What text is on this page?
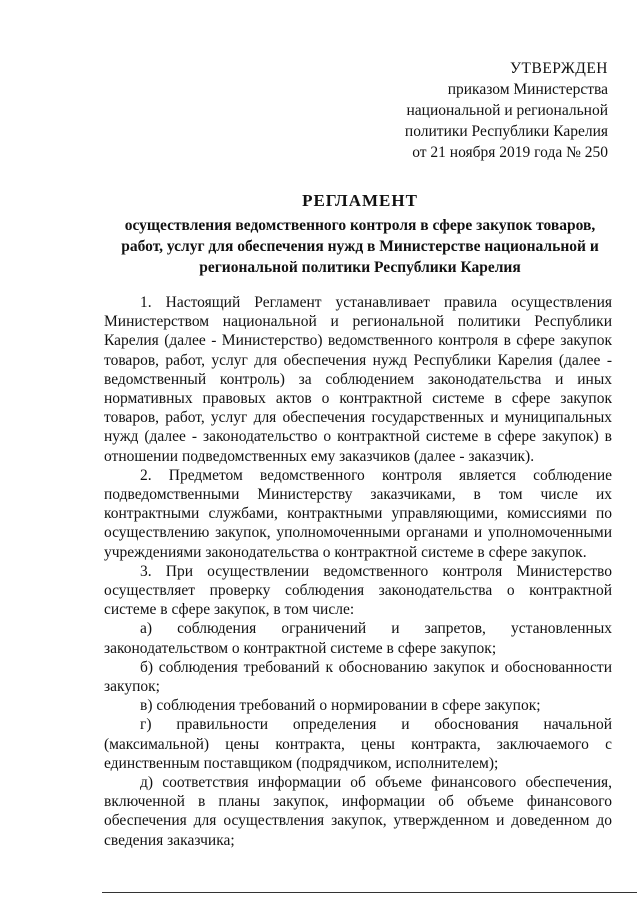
УТВЕРЖДЕН
приказом Министерства
национальной и региональной
политики Республики Карелия
от 21 ноября 2019 года № 250
РЕГЛАМЕНТ
осуществления ведомственного контроля в сфере закупок товаров,
работ, услуг для обеспечения нужд в Министерстве национальной и
региональной политики Республики Карелия

1. Настоящий Регламент устанавливает правила осуществления Министерством национальной и региональной политики Республики Карелия (далее - Министерство) ведомственного контроля в сфере закупок товаров, работ, услуг для обеспечения нужд Республики Карелия (далее - ведомственный контроль) за соблюдением законодательства и иных нормативных правовых актов о контрактной системе в сфере закупок товаров, работ, услуг для обеспечения государственных и муниципальных нужд (далее - законодательство о контрактной системе в сфере закупок) в отношении подведомственных ему заказчиков (далее - заказчик).

2. Предметом ведомственного контроля является соблюдение подведомственными Министерству заказчиками, в том числе их контрактными службами, контрактными управляющими, комиссиями по осуществлению закупок, уполномоченными органами и уполномоченными учреждениями законодательства о контрактной системе в сфере закупок.

3. При осуществлении ведомственного контроля Министерство осуществляет проверку соблюдения законодательства о контрактной системе в сфере закупок, в том числе:

а) соблюдения ограничений и запретов, установленных законодательством о контрактной системе в сфере закупок;

б) соблюдения требований к обоснованию закупок и обоснованности закупок;

в) соблюдения требований о нормировании в сфере закупок;

г) правильности определения и обоснования начальной (максимальной) цены контракта, цены контракта, заключаемого с единственным поставщиком (подрядчиком, исполнителем);

д) соответствия информации об объеме финансового обеспечения, включенной в планы закупок, информации об объеме финансового обеспечения для осуществления закупок, утвержденном и доведенном до сведения заказчика;
